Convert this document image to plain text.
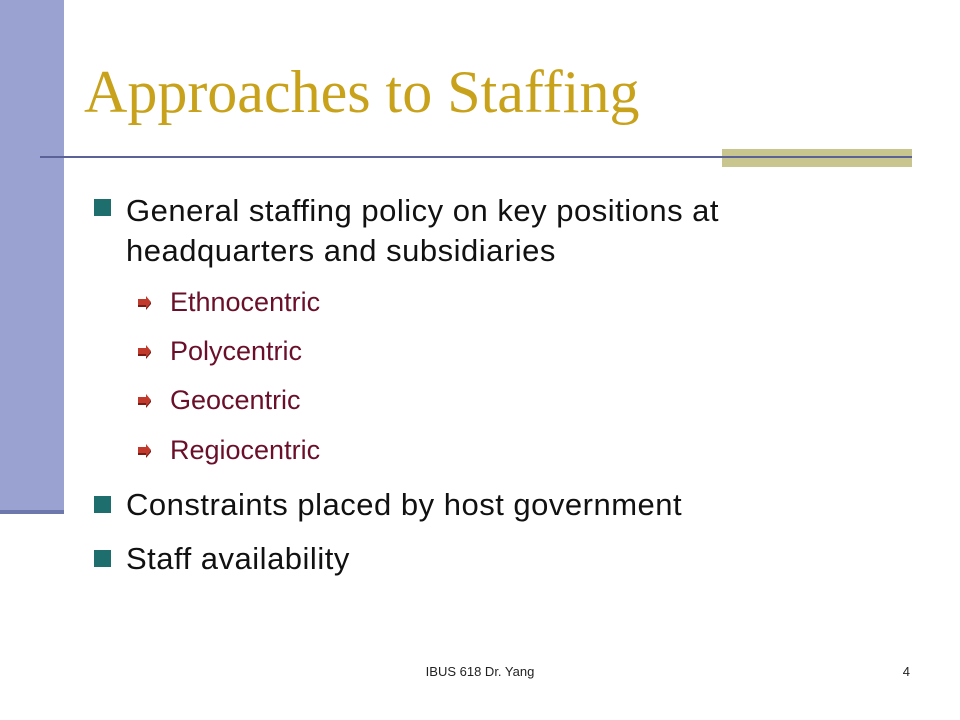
Approaches to Staffing
General staffing policy on key positions at
headquarters and subsidiaries
Ethnocentric
Polycentric
Geocentric
Regiocentric
Constraints placed by host government
Staff availability
IBUS 618 Dr. Yang	4
